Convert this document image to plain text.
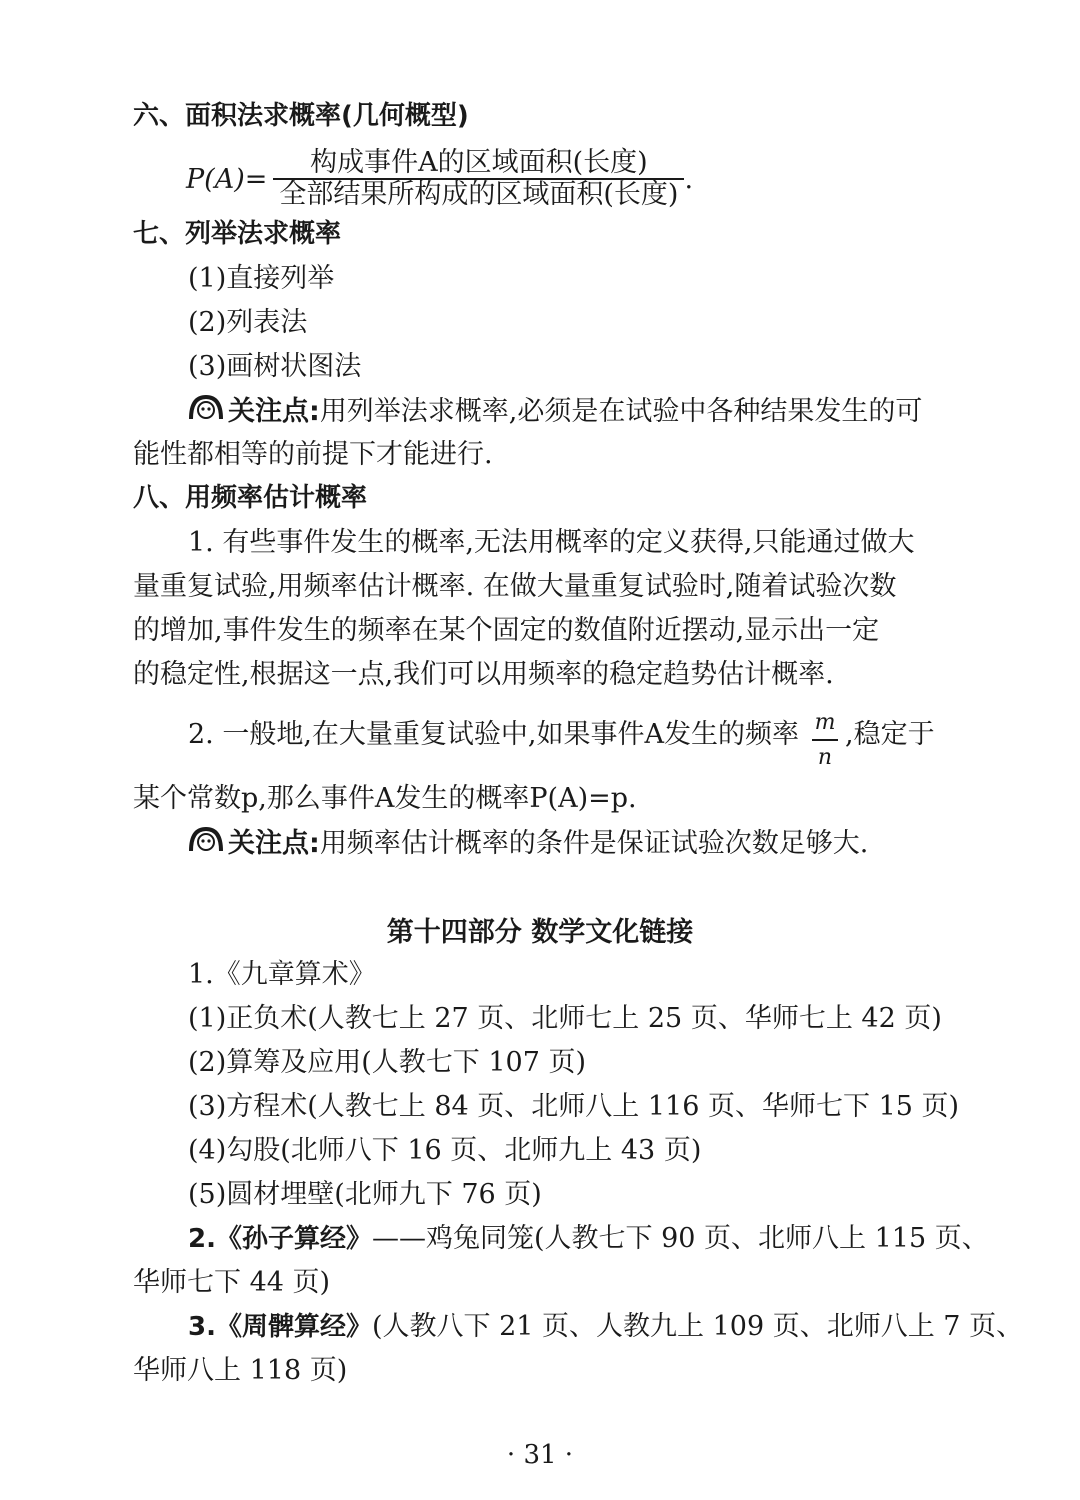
六、面积法求概率(几何概型)
$P(A)= \frac{\text{构成事件A的区域面积(长度)}}{\text{全部结果所构成的区域面积(长度)}}$ .
七、列举法求概率
(1)直接列举
(2)列表法
(3)画树状图法
关注点:用列举法求概率,必须是在试验中各种结果发生的可
能性都相等的前提下才能进行.
八、用频率估计概率
1. 有些事件发生的概率,无法用概率的定义获得,只能通过做大
量重复试验,用频率估计概率. 在做大量重复试验时,随着试验次数
的增加,事件发生的频率在某个固定的数值附近摆动,显示出一定
的稳定性,根据这一点,我们可以用频率的稳定趋势估计概率.
2. 一般地,在大量重复试验中,如果事件A发生的频率 m
n
,稳定于
某个常数p,那么事件A发生的概率P(A)=p.
关注点:用频率估计概率的条件是保证试验次数足够大.
第十四部分 数学文化链接
1.《九章算术》
(1)正负术(人教七上 27 页、北师七上 25 页、华师七上 42 页)
(2)算筹及应用(人教七下 107 页)
(3)方程术(人教七上 84 页、北师八上 116 页、华师七下 15 页)
(4)勾股(北师八下 16 页、北师九上 43 页)
(5)圆材埋壁(北师九下 76 页)
2.《孙子算经》——鸡兔同笼(人教七下 90 页、北师八上 115 页、
华师七下 44 页)
3.《周髀算经》(人教八下 21 页、人教九上 109 页、北师八上 7 页、
华师八上 118 页)
· 31 ·
